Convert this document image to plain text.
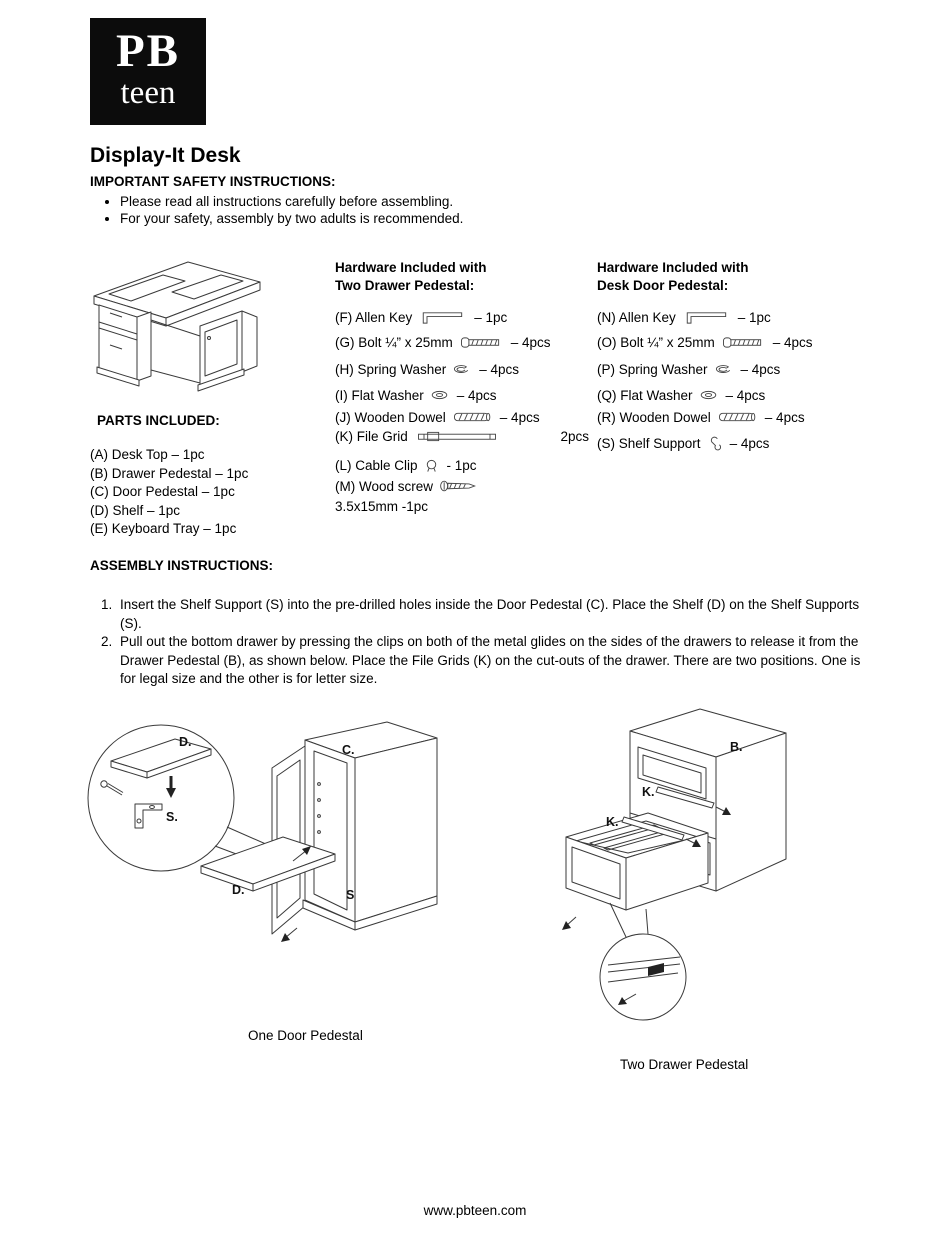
PB
teen
Display-It Desk
IMPORTANT SAFETY INSTRUCTIONS:
• Please read all instructions carefully before assembling.
• For your safety, assembly by two adults is recommended.
Hardware Included with
Two Drawer Pedestal:
(F) Allen Key	– 1pc
(G) Bolt ¼” x 25mm	– 4pcs
(H) Spring Washer – 4pcs
(I) Flat Washer – 4pcs
(J) Wooden Dowel	– 4pcs
(K) File Grid	2pcs
(L) Cable Clip - 1pc
(M) Wood screw
3.5x15mm -1pc
Hardware Included with
Desk Door Pedestal:
(N) Allen Key	– 1pc
(O) Bolt ¼” x 25mm	– 4pcs
(P) Spring Washer – 4pcs
(Q) Flat Washer – 4pcs
(R) Wooden Dowel	– 4pcs
(S) Shelf Support – 4pcs
PARTS INCLUDED:
(A) Desk Top – 1pc
(B) Drawer Pedestal – 1pc
(C) Door Pedestal – 1pc
(D) Shelf – 1pc
(E) Keyboard Tray – 1pc
ASSEMBLY INSTRUCTIONS:
1. Insert the Shelf Support (S) into the pre-drilled holes inside the Door Pedestal (C). Place the Shelf (D) on the Shelf Supports (S).
2. Pull out the bottom drawer by pressing the clips on both of the metal glides on the sides of the drawers to release it from the Drawer Pedestal (B), as shown below. Place the File Grids (K) on the cut-outs of the drawer. There are two positions. One is for legal size and the other is for letter size.
D.
S.
C.
D.	S
One Door Pedestal
B.
K.
K.
Two Drawer Pedestal
www.pbteen.com
